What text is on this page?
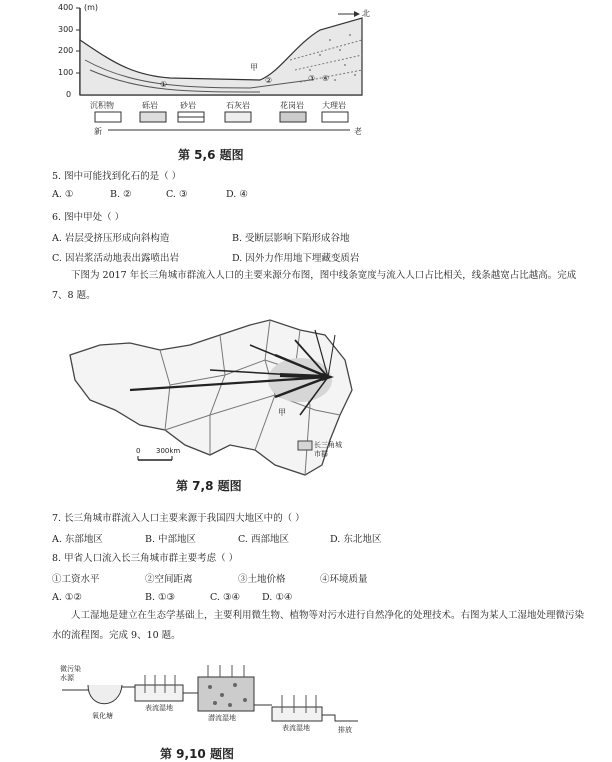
400
300
200
100
0
(m)
北
甲
①	②	③ ④
沉积物	砾岩	砂岩	石灰岩	花岗岩 大理岩
新	老
第 5,6 题图
5. 图中可能找到化石的是（ ）
A. ①	B. ②	C. ③	D. ④
6. 图中甲处（ ）
A. 岩层受挤压形成向斜构造	B. 受断层影响下陷形成谷地
C. 因岩浆活动地表出露喷出岩	D. 因外力作用地下埋藏变质岩
下图为 2017 年长三角城市群流入人口的主要来源分布图，图中线条宽度与流入人口占比相关，线条越宽占比越高。完成 7、8 题。
0 300km
甲
长三角城市群
第 7,8 题图
7. 长三角城市群流入人口主要来源于我国四大地区中的（ ）
A. 东部地区	B. 中部地区	C. 西部地区	D. 东北地区
8. 甲省人口流入长三角城市群主要考虑（ ）
①工资水平	②空间距离	③土地价格	④环境质量
A. ①②	B. ①③	C. ③④ D. ①④
人工湿地是建立在生态学基础上，主要利用微生物、植物等对污水进行自然净化的处理技术。右图为某人工湿地处理微污染水的流程图。完成 9、10 题。
微污染水源
氧化塘
表流湿地
潜流湿地
表流湿地	排放
第 9,10 题图
